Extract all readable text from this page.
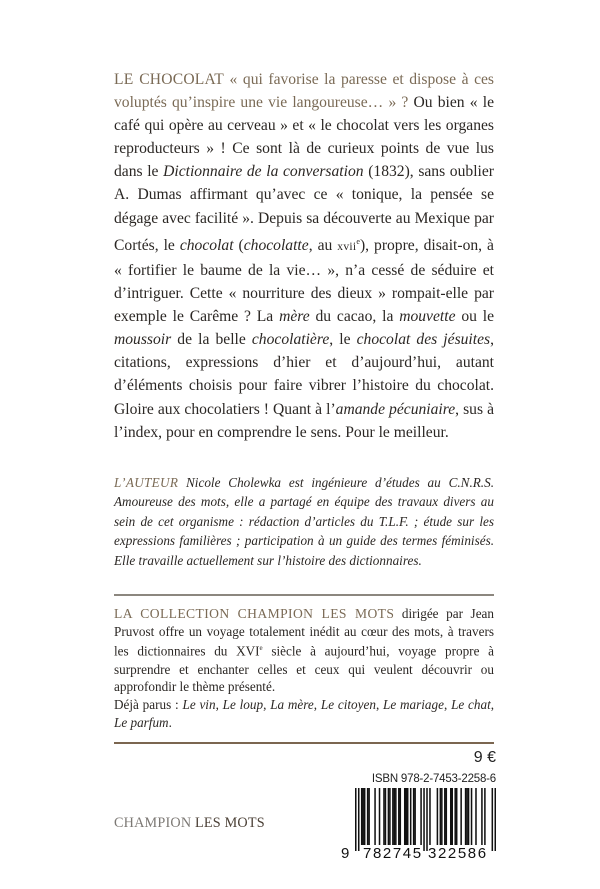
LE CHOCOLAT « qui favorise la paresse et dispose à ces voluptés qu’inspire une vie langoureuse… » ? Ou bien « le café qui opère au cerveau » et « le chocolat vers les organes reproducteurs » ! Ce sont là de curieux points de vue lus dans le Dictionnaire de la conversation (1832), sans oublier A. Dumas affirmant qu’avec ce « tonique, la pensée se dégage avec facilité ». Depuis sa découverte au Mexique par Cortés, le chocolat (chocolatte, au xvii$^e$), propre, disait-on, à « fortifier le baume de la vie… », n’a cessé de séduire et d’intriguer. Cette « nourriture des dieux » rompait-elle par exemple le Carême ? La mère du cacao, la mouvette ou le moussoir de la belle chocolatière, le chocolat des jésuites, citations, expressions d’hier et d’aujourd’hui, autant d’éléments choisis pour faire vibrer l’histoire du chocolat. Gloire aux chocolatiers ! Quant à l’amande pécuniaire, sus à l’index, pour en comprendre le sens. Pour le meilleur.
L’AUTEUR Nicole Cholewka est ingénieure d’études au C.N.R.S. Amoureuse des mots, elle a partagé en équipe des travaux divers au sein de cet organisme : rédaction d’articles du T.L.F. ; étude sur les expressions familières ; participation à un guide des termes féminisés. Elle travaille actuellement sur l’histoire des dictionnaires.

LA COLLECTION CHAMPION LES MOTS dirigée par Jean Pruvost offre un voyage totalement inédit au cœur des mots, à travers les dictionnaires du XVIe siècle à aujourd’hui, voyage propre à surprendre et enchanter celles et ceux qui veulent découvrir ou approfondir le thème présenté.

Déjà parus : Le vin, Le loup, La mère, Le citoyen, Le mariage, Le chat, Le parfum.

9 €
ISBN 978-2-7453-2258-6
9 782745 322586
CHAMPION LES MOTS
